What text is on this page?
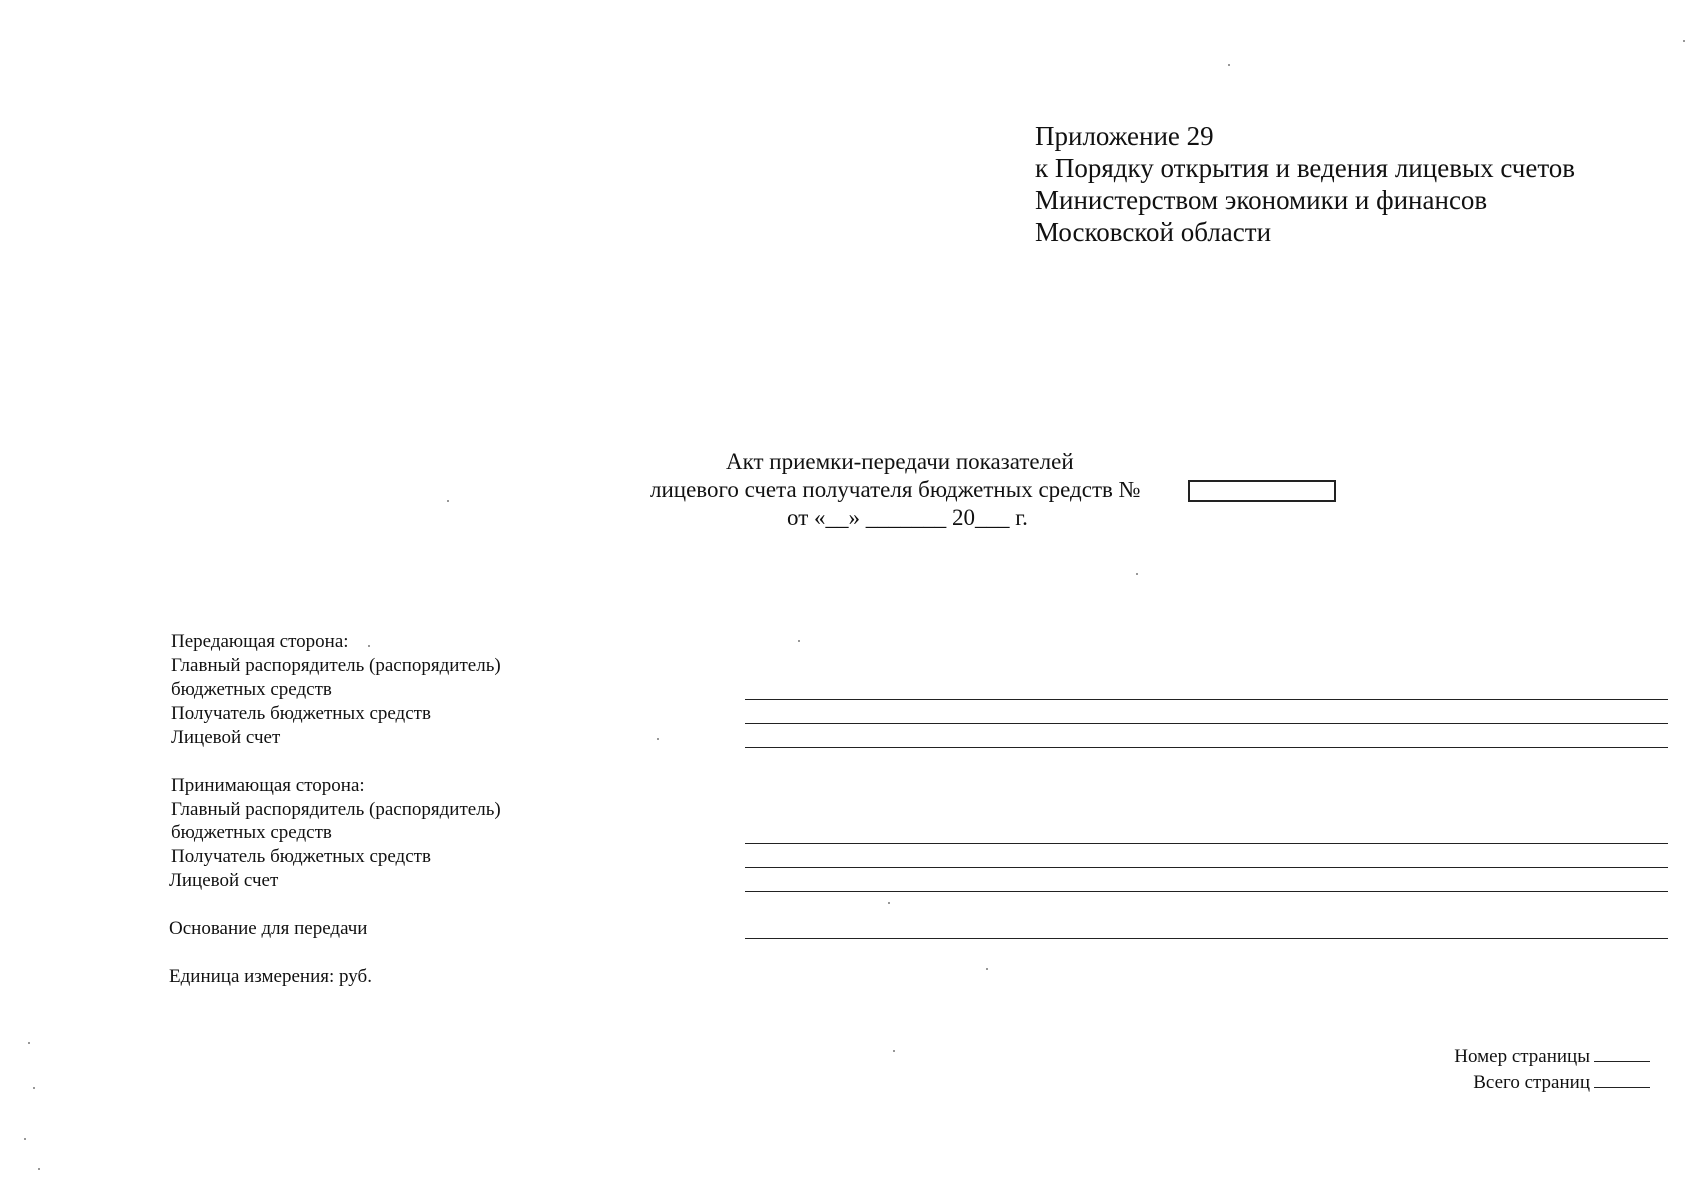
Приложение 29
к Порядку открытия и ведения лицевых счетов
Министерством экономики и финансов
Московской области
Акт приемки-передачи показателей
лицевого счета получателя бюджетных средств №
от «__» _______ 20___ г.
Передающая сторона:
Главный распорядитель (распорядитель)
бюджетных средств
Получатель бюджетных средств
Лицевой счет
Принимающая сторона:
Главный распорядитель (распорядитель)
бюджетных средств
Получатель бюджетных средств
Лицевой счет
Основание для передачи
Единица измерения: руб.
Номер страницы
Всего страниц
